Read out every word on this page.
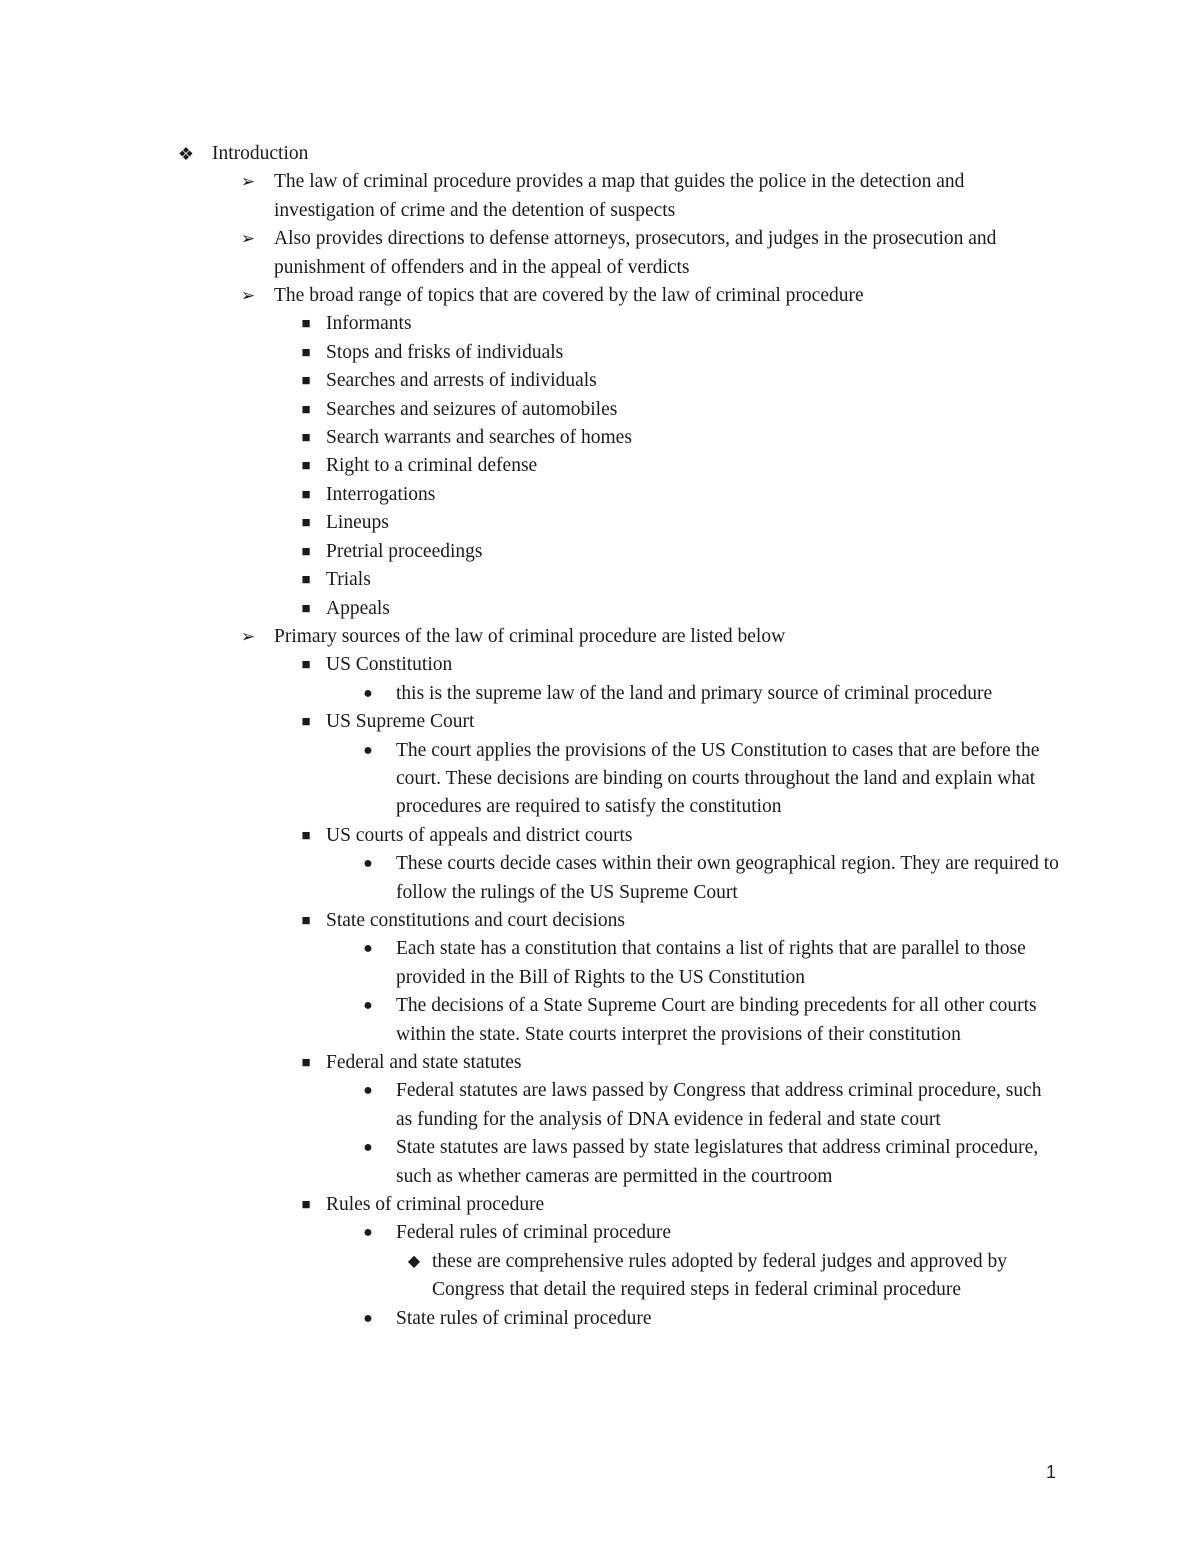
❖ Introduction
➢ The law of criminal procedure provides a map that guides the police in the detection and investigation of crime and the detention of suspects
➢ Also provides directions to defense attorneys, prosecutors, and judges in the prosecution and punishment of offenders and in the appeal of verdicts
➢ The broad range of topics that are covered by the law of criminal procedure
■ Informants
■ Stops and frisks of individuals
■ Searches and arrests of individuals
■ Searches and seizures of automobiles
■ Search warrants and searches of homes
■ Right to a criminal defense
■ Interrogations
■ Lineups
■ Pretrial proceedings
■ Trials
■ Appeals
➢ Primary sources of the law of criminal procedure are listed below
■ US Constitution
●	this is the supreme law of the land and primary source of criminal procedure
■ US Supreme Court
●	The court applies the provisions of the US Constitution to cases that are before the court. These decisions are binding on courts throughout the land and explain what procedures are required to satisfy the constitution
■ US courts of appeals and district courts
●	These courts decide cases within their own geographical region. They are required to follow the rulings of the US Supreme Court
■ State constitutions and court decisions
●	Each state has a constitution that contains a list of rights that are parallel to those provided in the Bill of Rights to the US Constitution
●	The decisions of a State Supreme Court are binding precedents for all other courts within the state. State courts interpret the provisions of their constitution
■ Federal and state statutes
●	Federal statutes are laws passed by Congress that address criminal procedure, such as funding for the analysis of DNA evidence in federal and state court
●	State statutes are laws passed by state legislatures that address criminal procedure, such as whether cameras are permitted in the courtroom
■ Rules of criminal procedure
●	Federal rules of criminal procedure
◆ these are comprehensive rules adopted by federal judges and approved by Congress that detail the required steps in federal criminal procedure
●	State rules of criminal procedure
1
